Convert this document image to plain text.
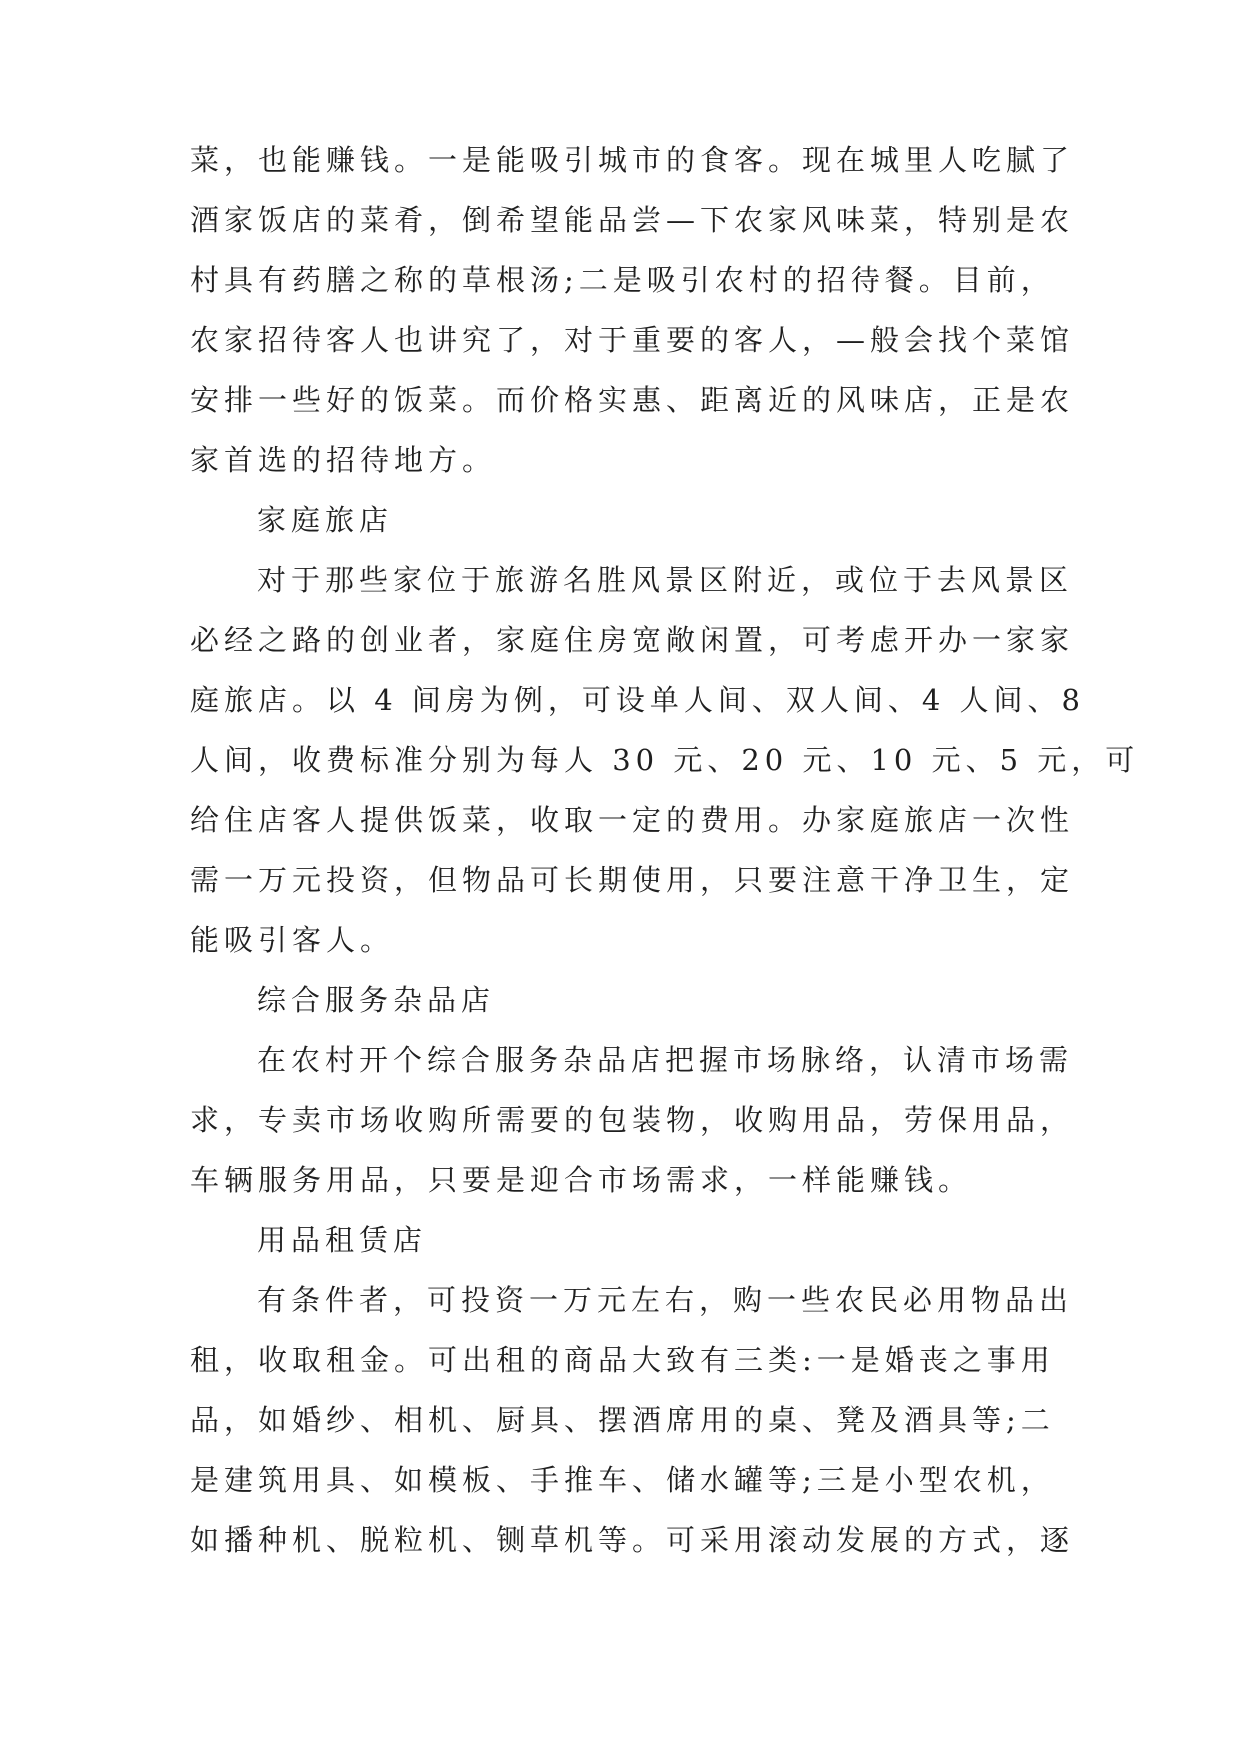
菜，也能赚钱。一是能吸引城市的食客。现在城里人吃腻了
酒家饭店的菜肴，倒希望能品尝—下农家风味菜，特别是农
村具有药膳之称的草根汤;二是吸引农村的招待餐。目前，
农家招待客人也讲究了，对于重要的客人，—般会找个菜馆
安排一些好的饭菜。而价格实惠、距离近的风味店，正是农
家首选的招待地方。
家庭旅店
对于那些家位于旅游名胜风景区附近，或位于去风景区
必经之路的创业者，家庭住房宽敞闲置，可考虑开办一家家
庭旅店。以 4 间房为例，可设单人间、双人间、4 人间、8
人间，收费标准分别为每人 30 元、20 元、10 元、5 元，可
给住店客人提供饭菜，收取一定的费用。办家庭旅店一次性
需一万元投资，但物品可长期使用，只要注意干净卫生，定
能吸引客人。
综合服务杂品店
在农村开个综合服务杂品店把握市场脉络，认清市场需
求，专卖市场收购所需要的包装物，收购用品，劳保用品，
车辆服务用品，只要是迎合市场需求，一样能赚钱。
用品租赁店
有条件者，可投资一万元左右，购一些农民必用物品出
租，收取租金。可出租的商品大致有三类:一是婚丧之事用
品，如婚纱、相机、厨具、摆酒席用的桌、凳及酒具等;二
是建筑用具、如模板、手推车、储水罐等;三是小型农机，
如播种机、脱粒机、铡草机等。可采用滚动发展的方式，逐
